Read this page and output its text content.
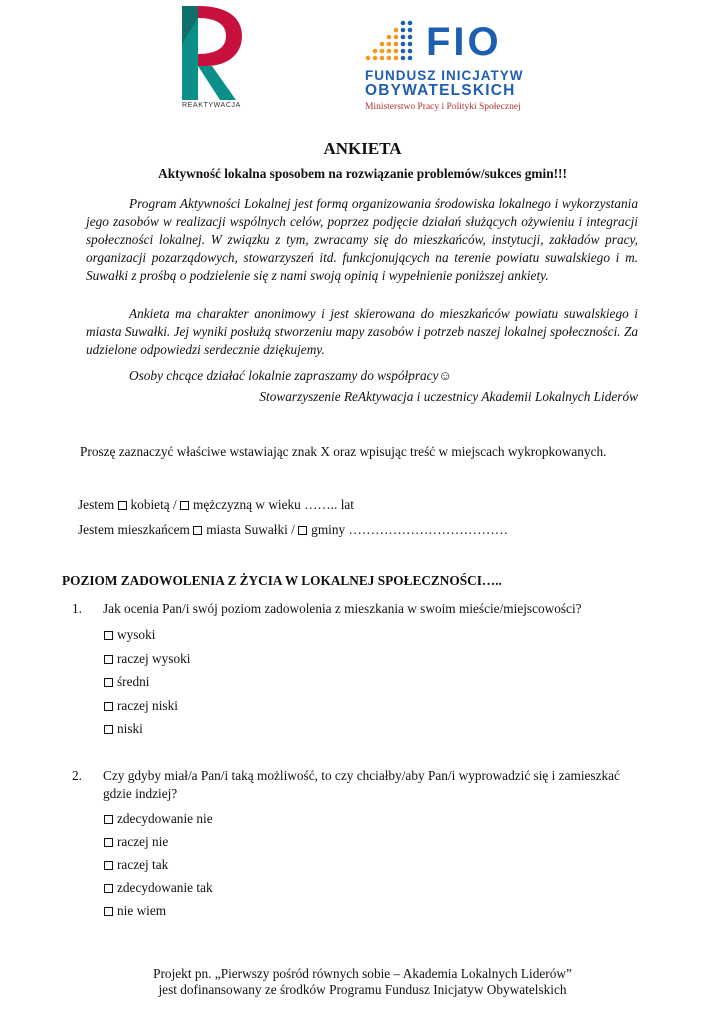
REAKTYWACJA
FIO
FUNDUSZ INICJATYW
OBYWATELSKICH
Ministerstwo Pracy i Polityki Społecznej
ANKIETA
Aktywność lokalna sposobem na rozwiązanie problemów/sukces gmin!!!
Program Aktywności Lokalnej jest formą organizowania środowiska lokalnego i wykorzystania jego zasobów w realizacji wspólnych celów, poprzez podjęcie działań służących ożywieniu i integracji społeczności lokalnej. W związku z tym, zwracamy się do mieszkańców, instytucji, zakładów pracy, organizacji pozarządowych, stowarzyszeń itd. funkcjonujących na terenie powiatu suwalskiego i m. Suwałki z prośbą o podzielenie się z nami swoją opinią i wypełnienie poniższej ankiety.
Ankieta ma charakter anonimowy i jest skierowana do mieszkańców powiatu suwalskiego i miasta Suwałki. Jej wyniki posłużą stworzeniu mapy zasobów i potrzeb naszej lokalnej społeczności. Za udzielone odpowiedzi serdecznie dziękujemy.
Osoby chcące działać lokalnie zapraszamy do współpracy☺
Stowarzyszenie ReAktywacja i uczestnicy Akademii Lokalnych Liderów
Proszę zaznaczyć właściwe wstawiając znak X oraz wpisując treść w miejscach wykropkowanych.
Jestem kobietą / mężczyzną w wieku …….. lat
Jestem mieszkańcem miasta Suwałki / gminy ………………………………
POZIOM ZADOWOLENIA Z ŻYCIA W LOKALNEJ SPOŁECZNOŚCI…..
1. Jak ocenia Pan/i swój poziom zadowolenia z mieszkania w swoim mieście/miejscowości?
wysoki
raczej wysoki
średni
raczej niski
niski
2. Czy gdyby miał/a Pan/i taką możliwość, to czy chciałby/aby Pan/i wyprowadzić się i zamieszkać gdzie indziej?
zdecydowanie nie
raczej nie
raczej tak
zdecydowanie tak
nie wiem
Projekt pn. „Pierwszy pośród równych sobie – Akademia Lokalnych Liderów”
jest dofinansowany ze środków Programu Fundusz Inicjatyw Obywatelskich
